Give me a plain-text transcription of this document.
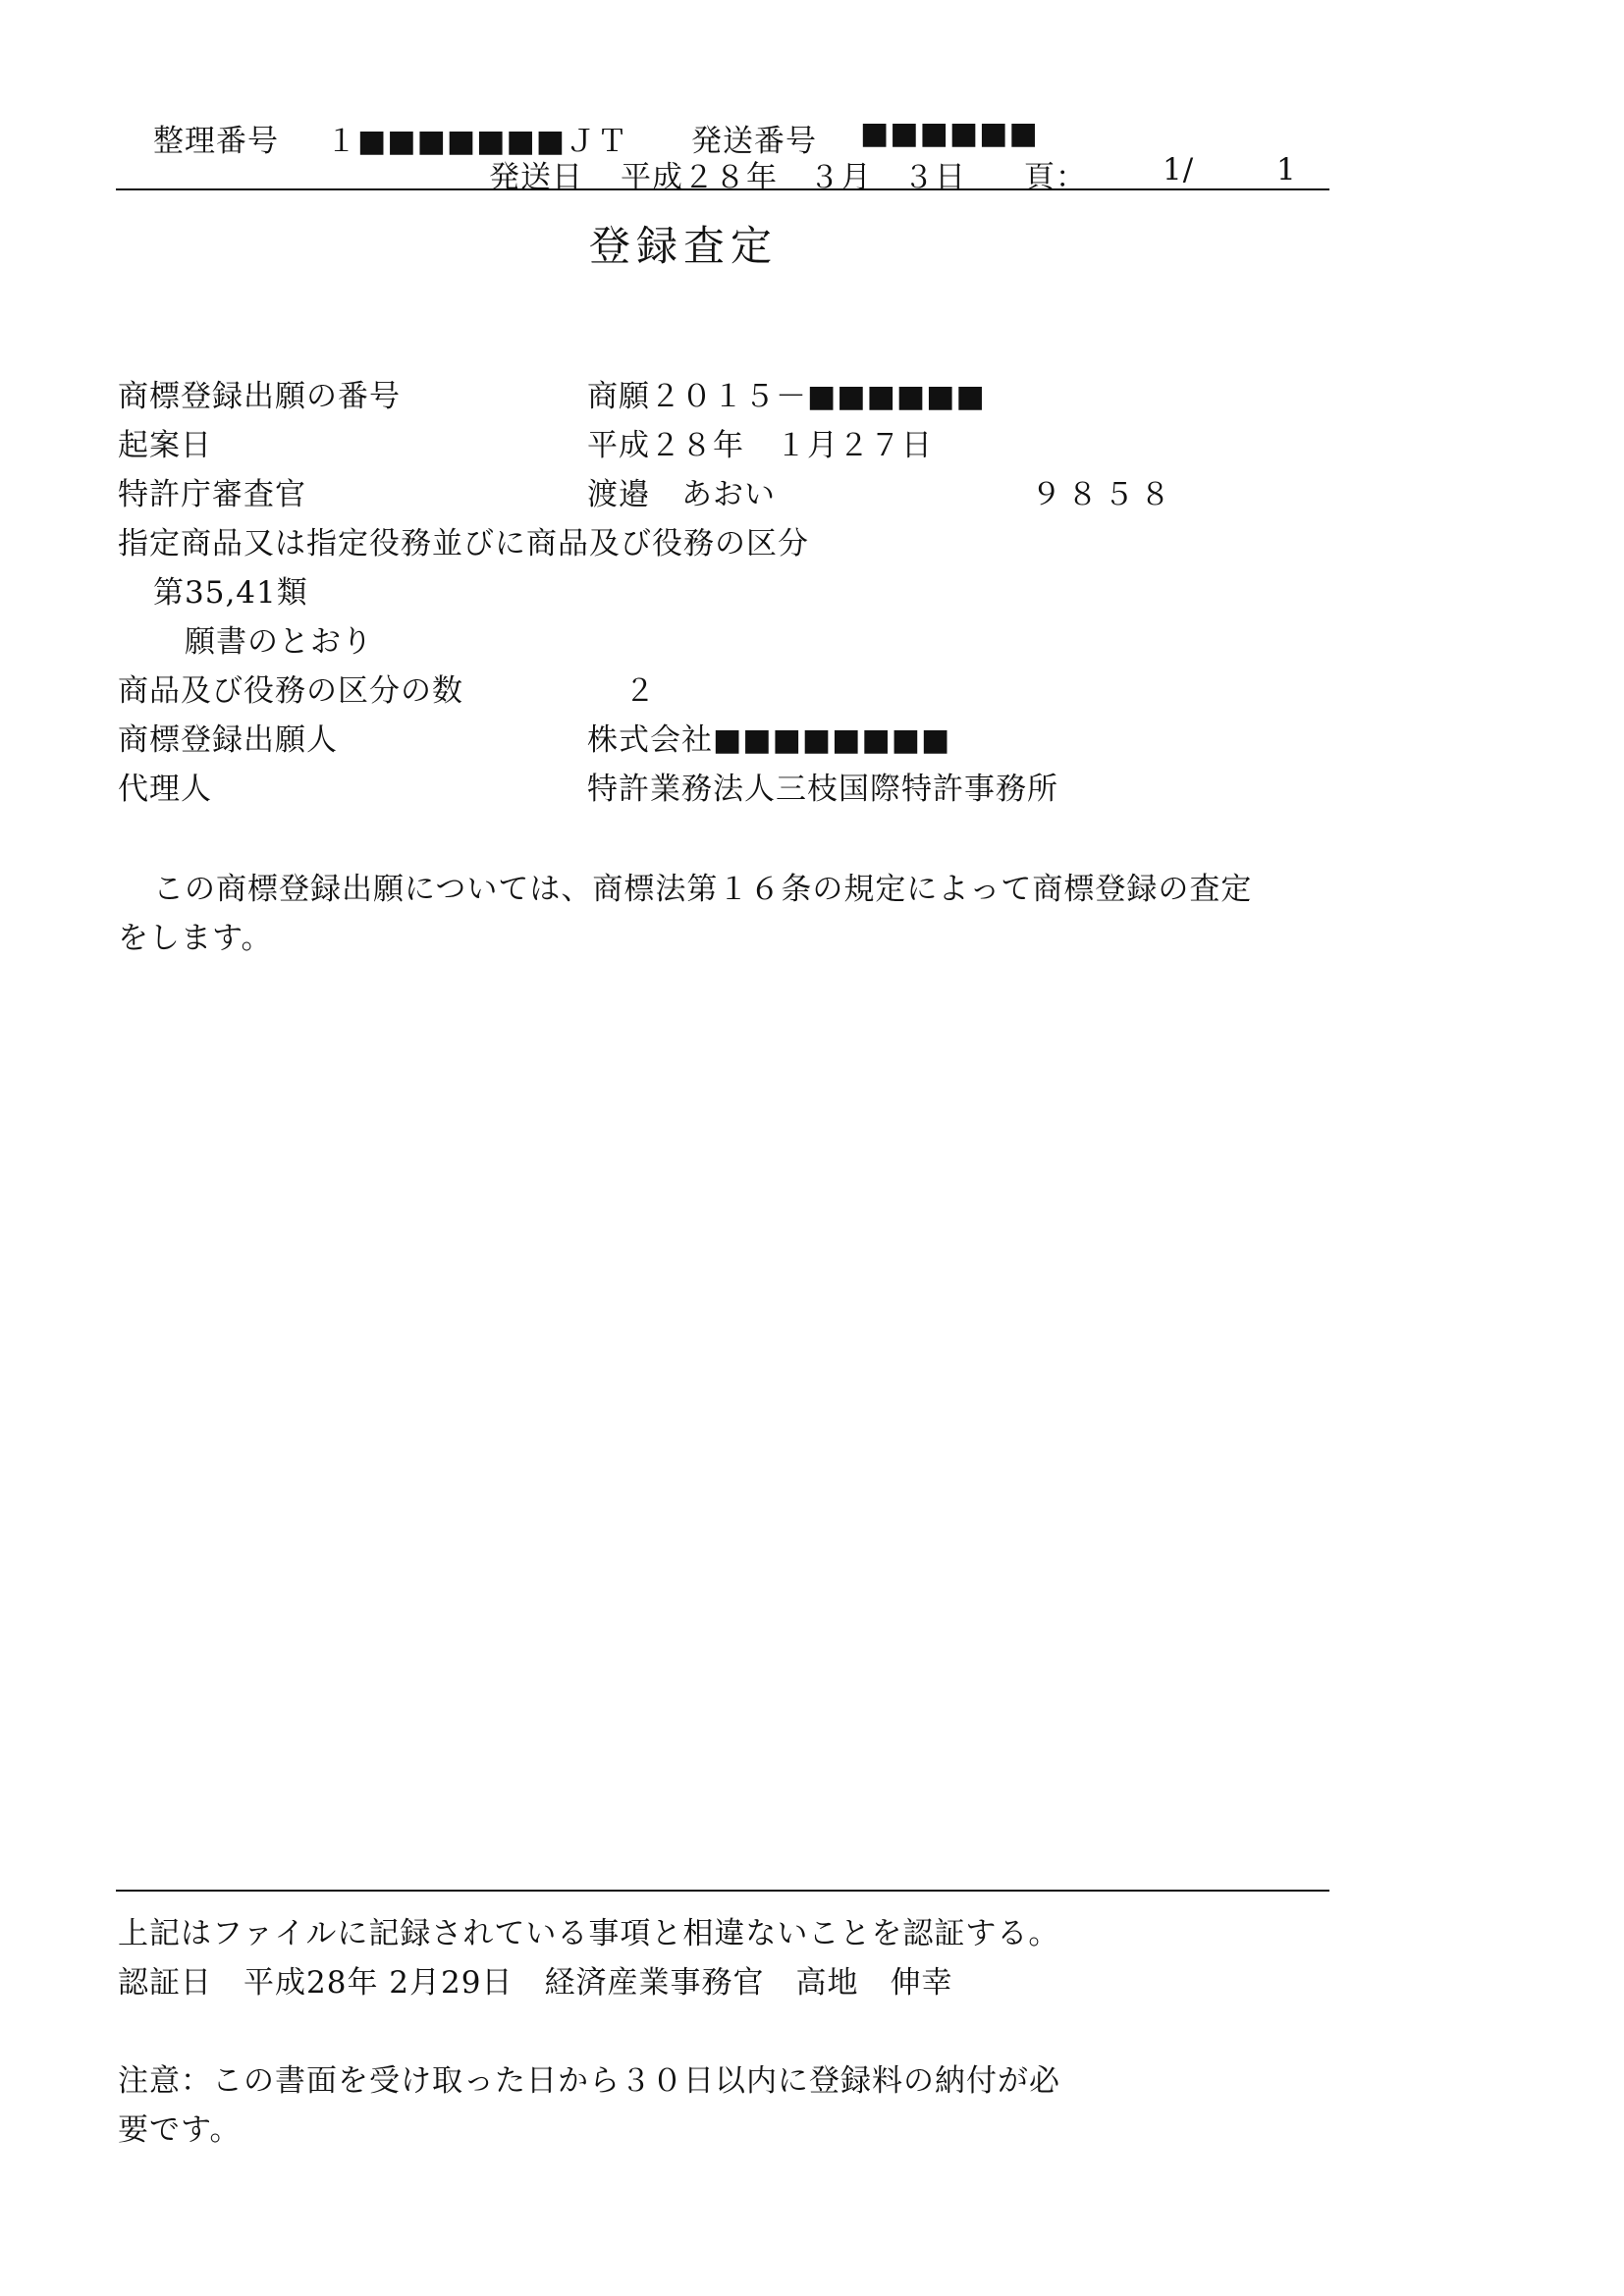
整理番号 １■■■■■■■ＪＴ 発送番号 ■■■■■■
発送日 平成２８年　３月　３日 頁： 1/	1
登録査定
商標登録出願の番号	商願２０１５－■■■■■■
起案日	平成２８年　１月２７日
特許庁審査官	渡邉　あおい	９８５８
指定商品又は指定役務並びに商品及び役務の区分
第35,41類
願書のとおり
商品及び役務の区分の数	２
商標登録出願人	株式会社■■■■■■■■
代理人	特許業務法人三枝国際特許事務所
この商標登録出願については、商標法第１６条の規定によって商標登録の査定
をします。
上記はファイルに記録されている事項と相違ないことを認証する。
認証日　平成28年 2月29日　経済産業事務官　高地　伸幸
注意：この書面を受け取った日から３０日以内に登録料の納付が必
要です。
